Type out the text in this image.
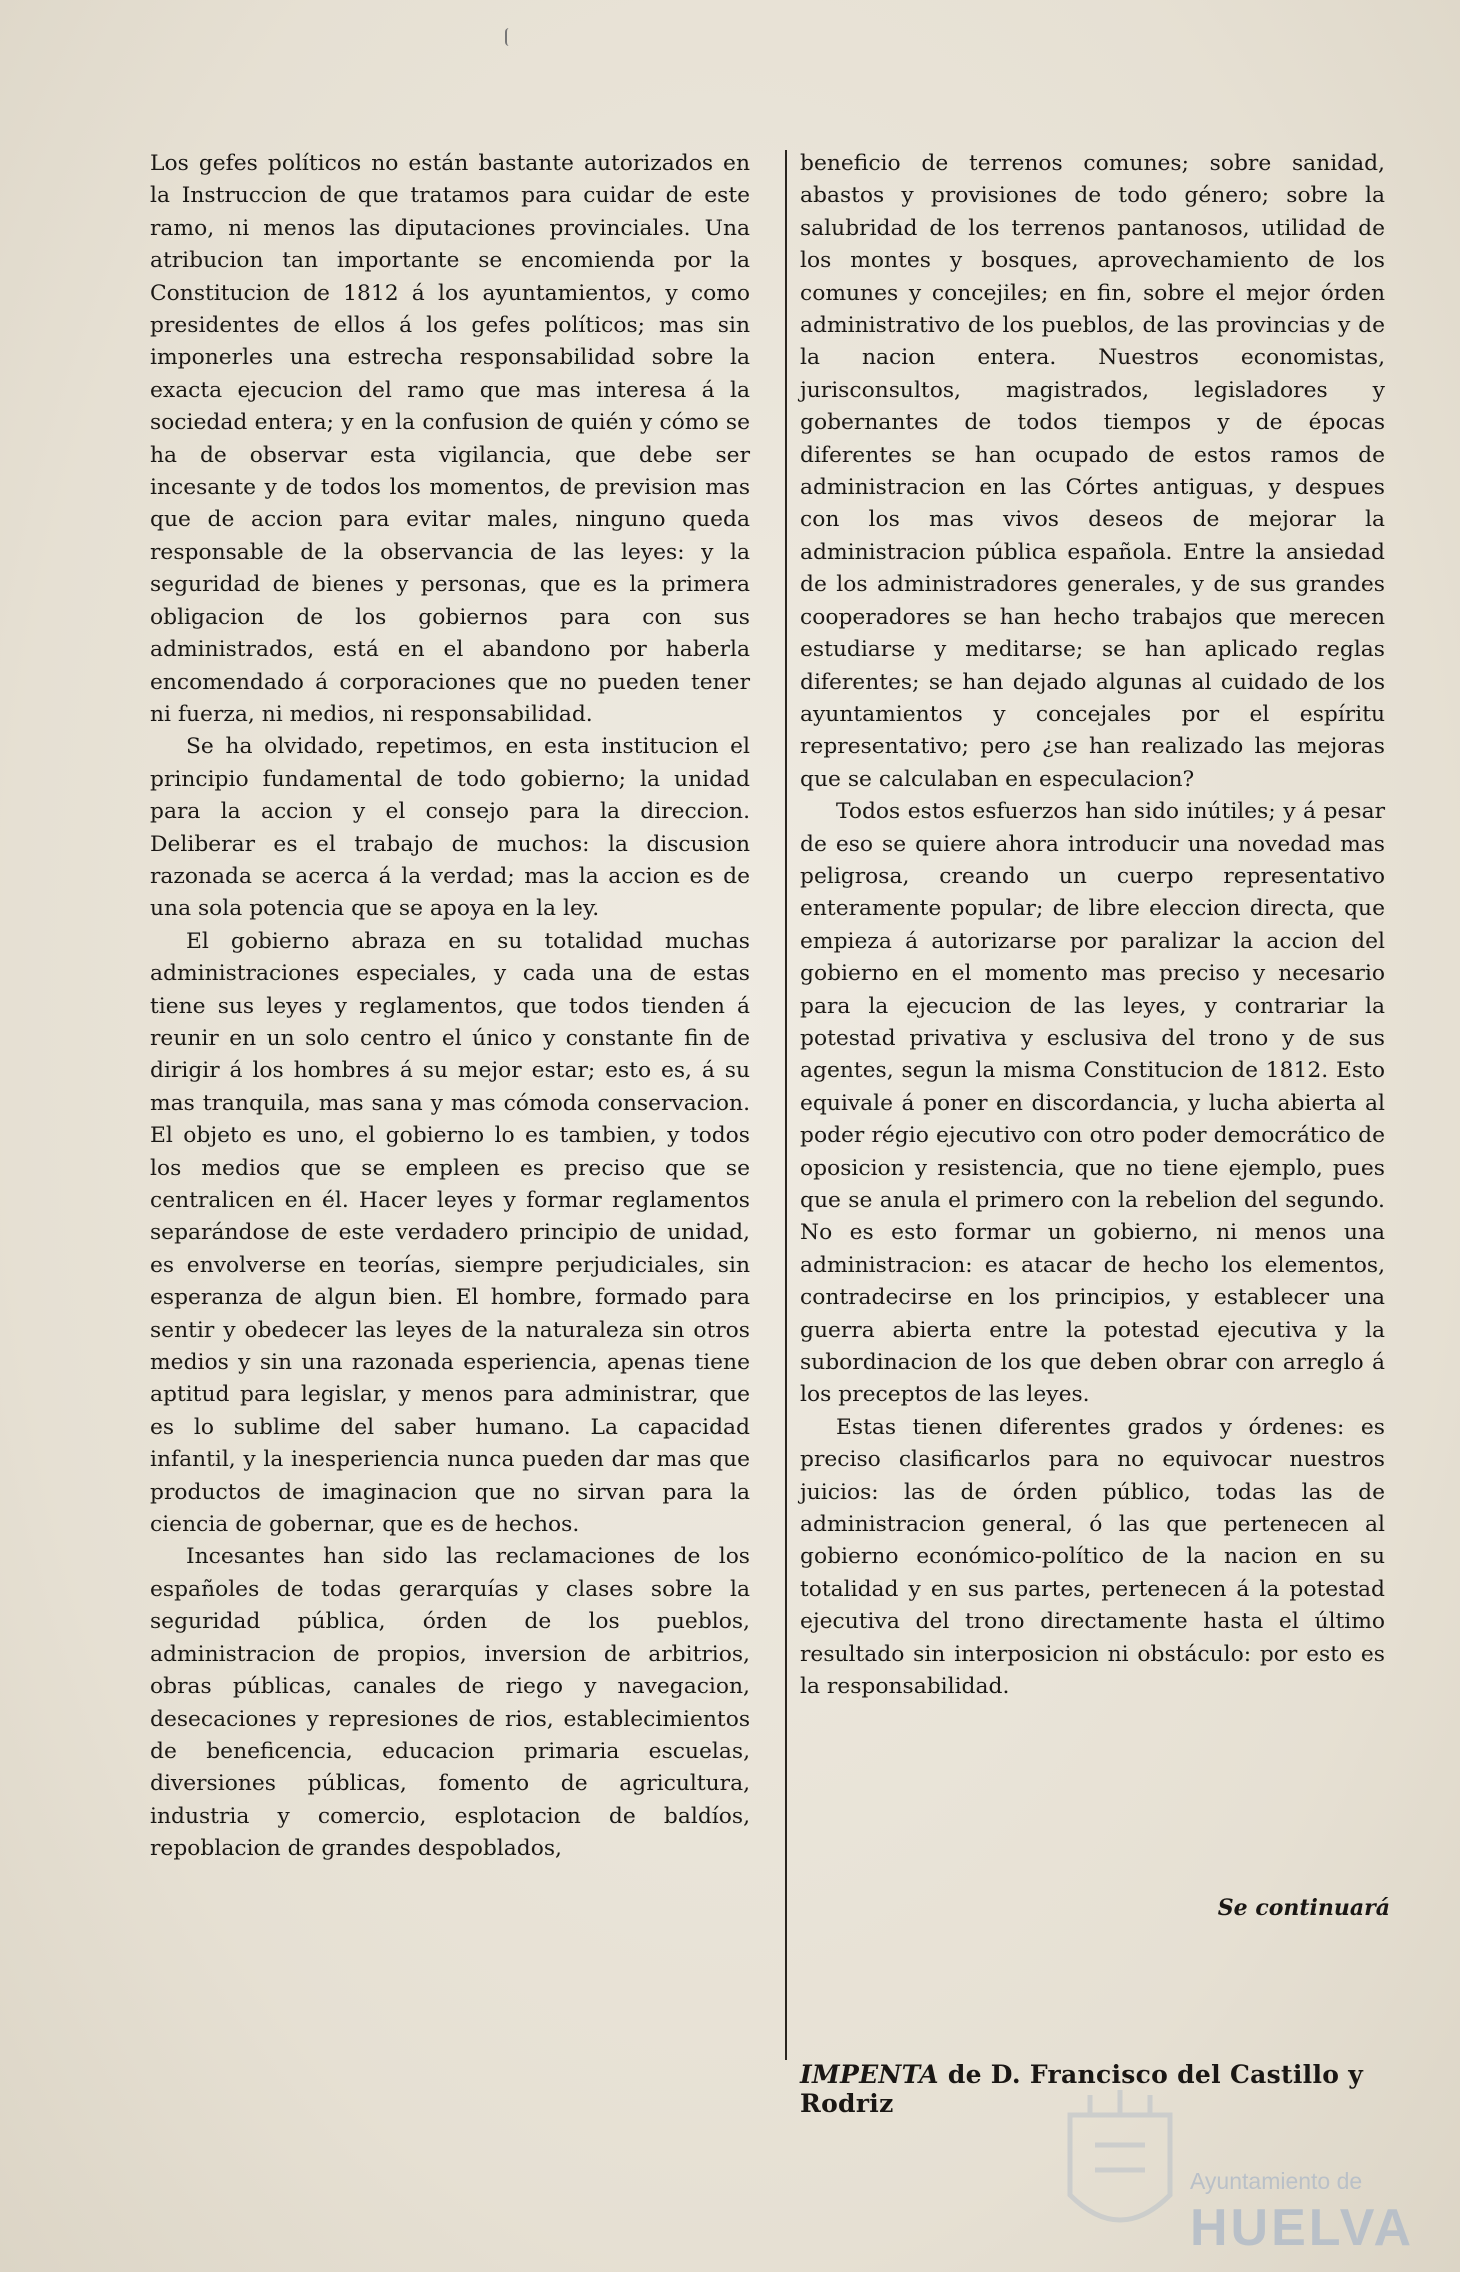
Los gefes políticos no están bastante autorizados en la Instruccion de que tratamos para cuidar de este ramo, ni menos las diputaciones provinciales. Una atribucion tan importante se encomienda por la Constitucion de 1812 á los ayuntamientos, y como presidentes de ellos á los gefes políticos; mas sin imponerles una estrecha responsabilidad sobre la exacta ejecucion del ramo que mas interesa á la sociedad entera; y en la confusion de quién y cómo se ha de observar esta vigilancia, que debe ser incesante y de todos los momentos, de prevision mas que de accion para evitar males, ninguno queda responsable de la observancia de las leyes: y la seguridad de bienes y personas, que es la primera obligacion de los gobiernos para con sus administrados, está en el abandono por haberla encomendado á corporaciones que no pueden tener ni fuerza, ni medios, ni responsabilidad.

Se ha olvidado, repetimos, en esta institucion el principio fundamental de todo gobierno; la unidad para la accion y el consejo para la direccion. Deliberar es el trabajo de muchos: la discusion razonada se acerca á la verdad; mas la accion es de una sola potencia que se apoya en la ley.

El gobierno abraza en su totalidad muchas administraciones especiales, y cada una de estas tiene sus leyes y reglamentos, que todos tienden á reunir en un solo centro el único y constante fin de dirigir á los hombres á su mejor estar; esto es, á su mas tranquila, mas sana y mas cómoda conservacion. El objeto es uno, el gobierno lo es tambien, y todos los medios que se empleen es preciso que se centralicen en él. Hacer leyes y formar reglamentos separándose de este verdadero principio de unidad, es envolverse en teorías, siempre perjudiciales, sin esperanza de algun bien. El hombre, formado para sentir y obedecer las leyes de la naturaleza sin otros medios y sin una razonada esperiencia, apenas tiene aptitud para legislar, y menos para administrar, que es lo sublime del saber humano. La capacidad infantil, y la inesperiencia nunca pueden dar mas que productos de imaginacion que no sirvan para la ciencia de gobernar, que es de hechos.

Incesantes han sido las reclamaciones de los españoles de todas gerarquías y clases sobre la seguridad pública, órden de los pueblos, administracion de propios, inversion de arbitrios, obras públicas, canales de riego y navegacion, desecaciones y represiones de rios, establecimientos de beneficencia, educacion primaria escuelas, diversiones públicas, fomento de agricultura, industria y comercio, esplotacion de baldíos, repoblacion de grandes despoblados,

beneficio de terrenos comunes; sobre sanidad, abastos y provisiones de todo género; sobre la salubridad de los terrenos pantanosos, utilidad de los montes y bosques, aprovechamiento de los comunes y concejiles; en fin, sobre el mejor órden administrativo de los pueblos, de las provincias y de la nacion entera. Nuestros economistas, jurisconsultos, magistrados, legisladores y gobernantes de todos tiempos y de épocas diferentes se han ocupado de estos ramos de administracion en las Córtes antiguas, y despues con los mas vivos deseos de mejorar la administracion pública española. Entre la ansiedad de los administradores generales, y de sus grandes cooperadores se han hecho trabajos que merecen estudiarse y meditarse; se han aplicado reglas diferentes; se han dejado algunas al cuidado de los ayuntamientos y concejales por el espíritu representativo; pero ¿se han realizado las mejoras que se calculaban en especulacion?

Todos estos esfuerzos han sido inútiles; y á pesar de eso se quiere ahora introducir una novedad mas peligrosa, creando un cuerpo representativo enteramente popular; de libre eleccion directa, que empieza á autorizarse por paralizar la accion del gobierno en el momento mas preciso y necesario para la ejecucion de las leyes, y contrariar la potestad privativa y esclusiva del trono y de sus agentes, segun la misma Constitucion de 1812. Esto equivale á poner en discordancia, y lucha abierta al poder régio ejecutivo con otro poder democrático de oposicion y resistencia, que no tiene ejemplo, pues que se anula el primero con la rebelion del segundo. No es esto formar un gobierno, ni menos una administracion: es atacar de hecho los elementos, contradecirse en los principios, y establecer una guerra abierta entre la potestad ejecutiva y la subordinacion de los que deben obrar con arreglo á los preceptos de las leyes.

Estas tienen diferentes grados y órdenes: es preciso clasificarlos para no equivocar nuestros juicios: las de órden público, todas las de administracion general, ó las que pertenecen al gobierno económico-político de la nacion en su totalidad y en sus partes, pertenecen á la potestad ejecutiva del trono directamente hasta el último resultado sin interposicion ni obstáculo: por esto es la responsabilidad.

Se continuará
IMPENTA de D. Francisco del Castillo y Rodriz
Ayuntamiento de
HUELVA
